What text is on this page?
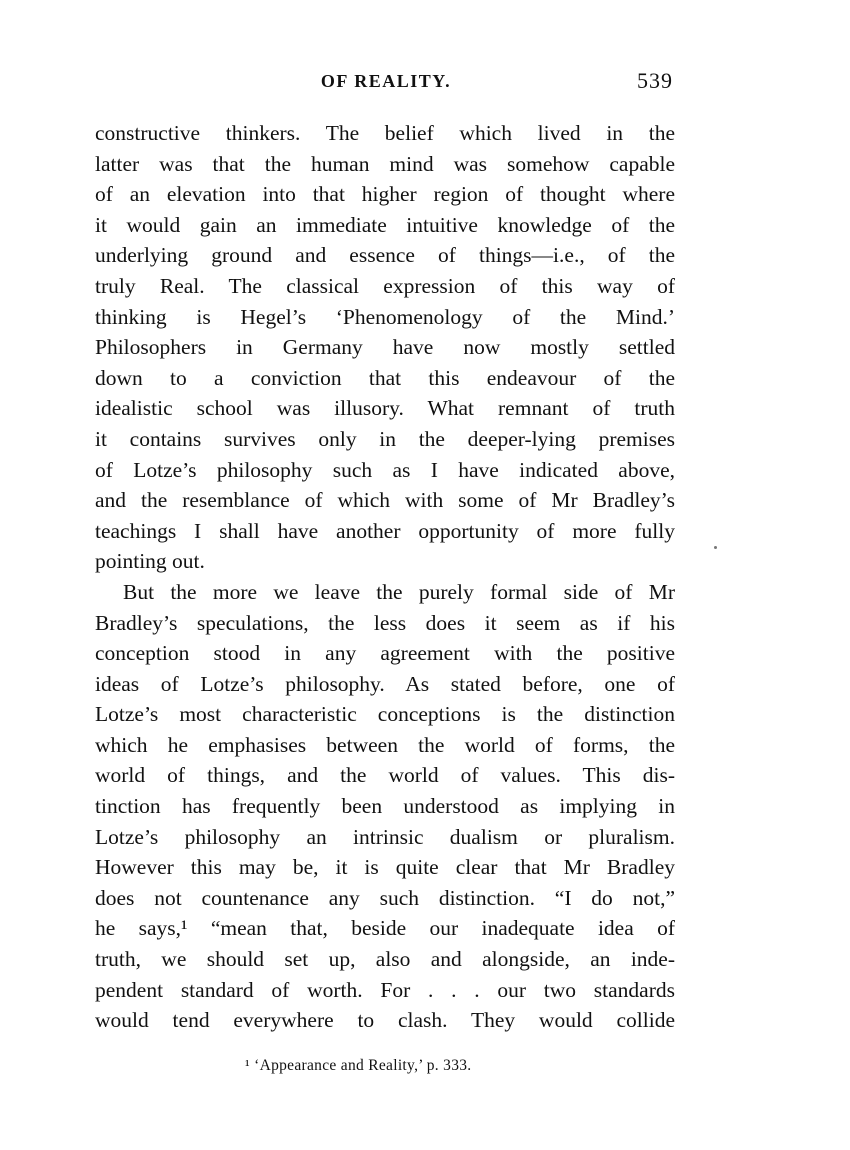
OF REALITY.	539
constructive thinkers. The belief which lived in the
latter was that the human mind was somehow capable
of an elevation into that higher region of thought where
it would gain an immediate intuitive knowledge of the
underlying ground and essence of things—i.e., of the
truly Real. The classical expression of this way of
thinking is Hegel’s ‘Phenomenology of the Mind.’
Philosophers in Germany have now mostly settled
down to a conviction that this endeavour of the
idealistic school was illusory. What remnant of truth
it contains survives only in the deeper-lying premises
of Lotze’s philosophy such as I have indicated above,
and the resemblance of which with some of Mr Bradley’s
teachings I shall have another opportunity of more fully
pointing out.
But the more we leave the purely formal side of Mr
Bradley’s speculations, the less does it seem as if his
conception stood in any agreement with the positive
ideas of Lotze’s philosophy. As stated before, one of
Lotze’s most characteristic conceptions is the distinction
which he emphasises between the world of forms, the
world of things, and the world of values. This dis-
tinction has frequently been understood as implying in
Lotze’s philosophy an intrinsic dualism or pluralism.
However this may be, it is quite clear that Mr Bradley
does not countenance any such distinction. “I do not,”
he says,¹ “mean that, beside our inadequate idea of
truth, we should set up, also and alongside, an inde-
pendent standard of worth. For . . . our two standards
would tend everywhere to clash. They would collide
¹ ‘Appearance and Reality,’ p. 333.
